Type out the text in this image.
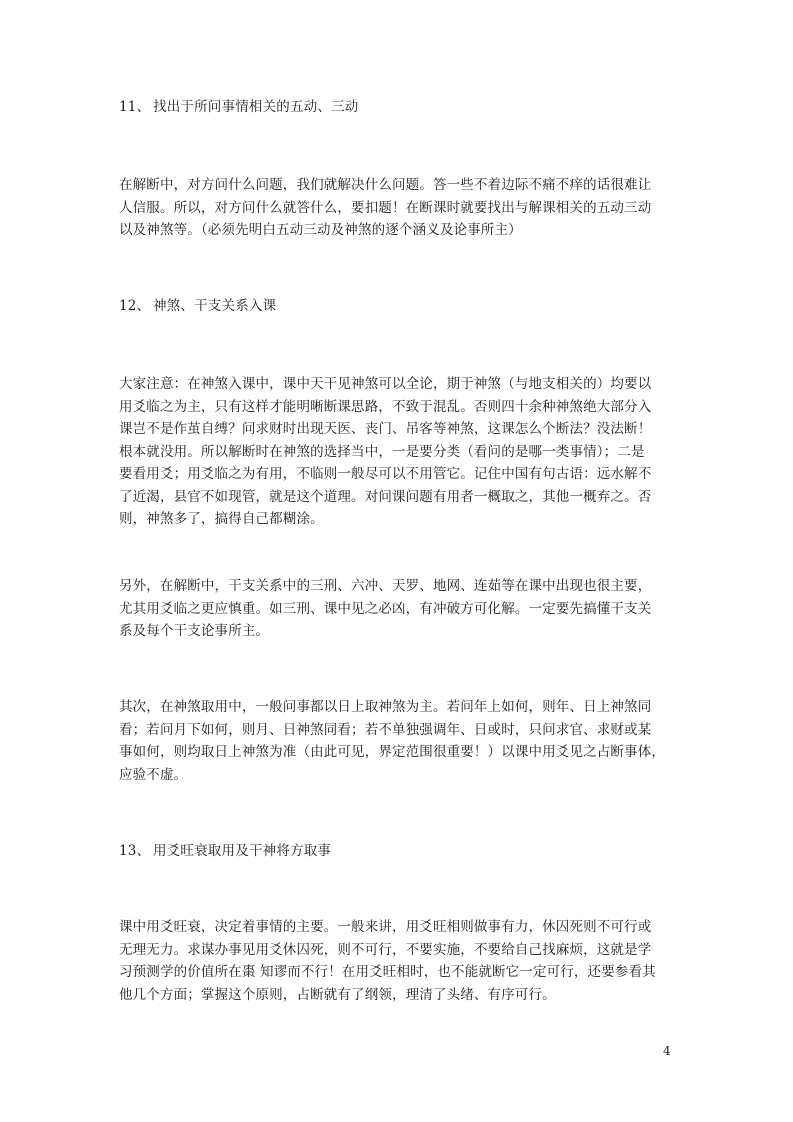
11、 找出于所问事情相关的五动、三动
在解断中，对方问什么问题，我们就解决什么问题。答一些不着边际不痛不痒的话很难让
人信服。所以，对方问什么就答什么，要扣题！在断课时就要找出与解课相关的五动三动
以及神煞等。（必须先明白五动三动及神煞的逐个涵义及论事所主）
12、 神煞、干支关系入课
大家注意：在神煞入课中，课中天干见神煞可以全论，期于神煞（与地支相关的）均要以
用爻临之为主，只有这样才能明晰断课思路，不致于混乱。否则四十余种神煞绝大部分入
课岂不是作茧自缚？问求财时出现天医、丧门、吊客等神煞，这课怎么个断法？没法断！
根本就没用。所以解断时在神煞的选择当中，一是要分类（看问的是哪一类事情）；二是
要看用爻；用爻临之为有用，不临则一般尽可以不用管它。记住中国有句古语：远水解不
了近渴，县官不如现管，就是这个道理。对问课问题有用者一概取之，其他一概弃之。否
则，神煞多了，搞得自己都糊涂。
另外，在解断中，干支关系中的三刑、六冲、天罗、地网、连茹等在课中出现也很主要，
尤其用爻临之更应慎重。如三刑、课中见之必凶，有冲破方可化解。一定要先搞懂干支关
系及每个干支论事所主。
其次，在神煞取用中，一般问事都以日上取神煞为主。若问年上如何，则年、日上神煞同
看；若问月下如何，则月、日神煞同看；若不单独强调年、日或时，只问求官、求财或某
事如何，则均取日上神煞为准（由此可见，界定范围很重要！）以课中用爻见之占断事体，
应验不虚。
13、 用爻旺衰取用及干神将方取事
课中用爻旺衰，决定着事情的主要。一般来讲，用爻旺相则做事有力，休囚死则不可行或
无理无力。求谋办事见用爻休囚死，则不可行，不要实施，不要给自己找麻烦，这就是学
习预测学的价值所在棗 知谬而不行！在用爻旺相时，也不能就断它一定可行，还要参看其
他几个方面；掌握这个原则，占断就有了纲领，理清了头绪、有序可行。
4
